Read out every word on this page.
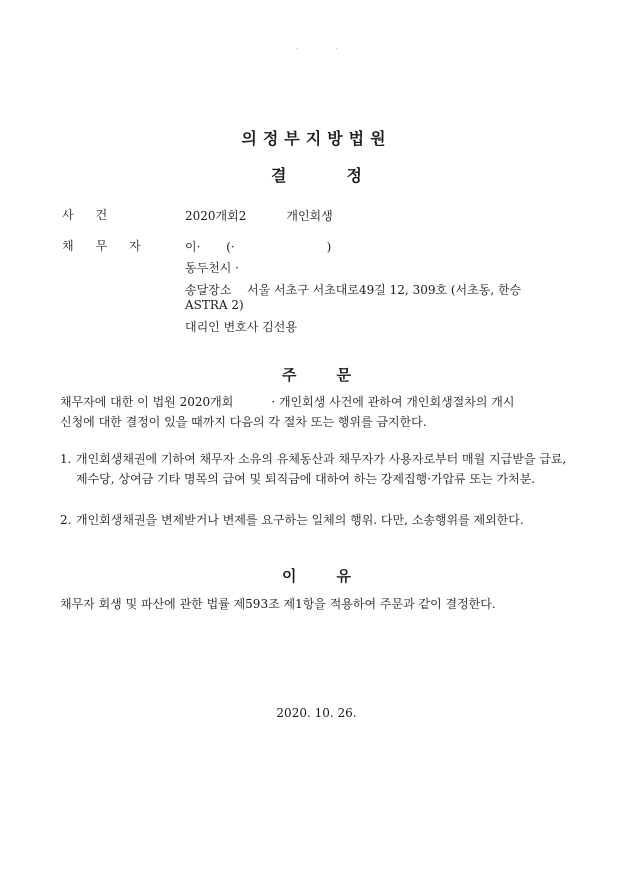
· ·
의정부지방법원
결정
사건	2020개회2	개인회생
채무자 이· (·	)
동두천시 ·
송달장소 서울 서초구 서초대로49길 12, 309호 (서초동, 한승
ASTRA 2)
대리인 변호사 김선용
주문
채무자에 대한 이 법원 2020개회	· 개인회생 사건에 관하여 개인회생절차의 개시
신청에 대한 결정이 있을 때까지 다음의 각 절차 또는 행위를 금지한다.
1. 개인회생채권에 기하여 채무자 소유의 유체동산과 채무자가 사용자로부터 매월 지급받을 급료, 제수당, 상여금 기타 명목의 급여 및 퇴직금에 대하여 하는 강제집행·가압류 또는 가처분.
2. 개인회생채권을 변제받거나 변제를 요구하는 일체의 행위. 다만, 소송행위를 제외한다.
이유
채무자 회생 및 파산에 관한 법률 제593조 제1항을 적용하여 주문과 같이 결정한다.
2020. 10. 26.
